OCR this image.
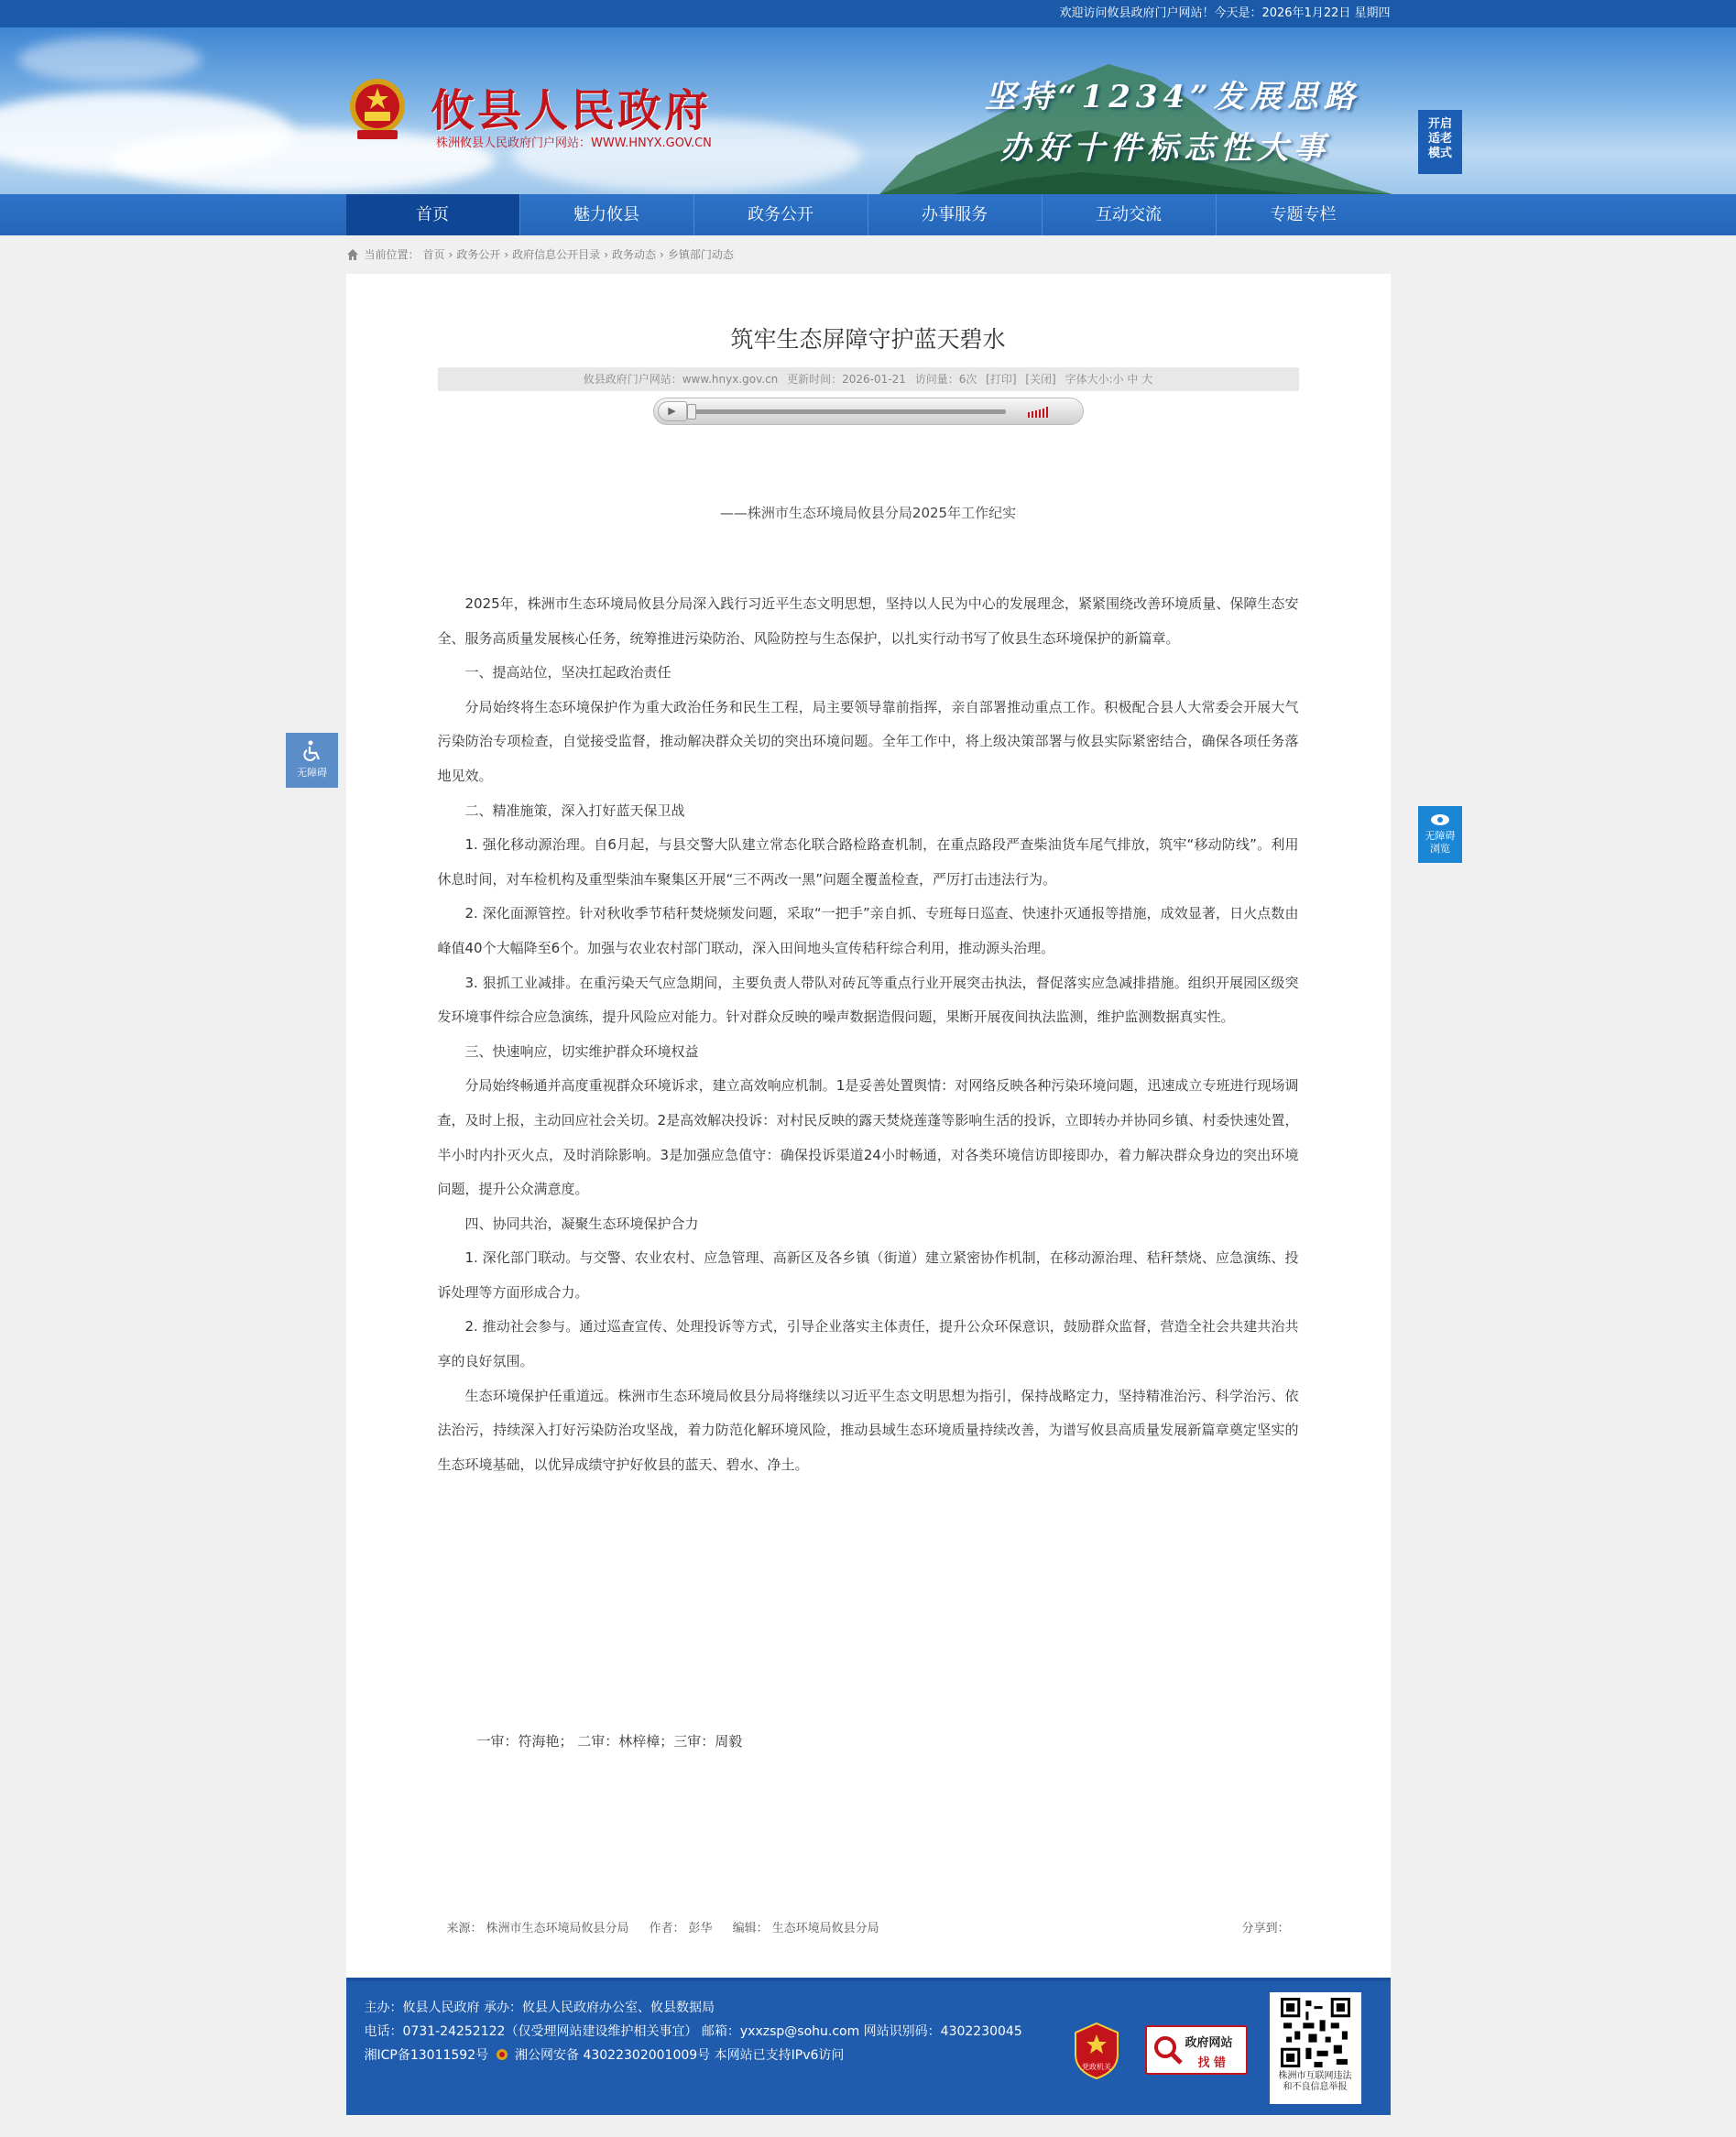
欢迎访问攸县政府门户网站！今天是：2026年1月22日 星期四
攸县人民政府
株洲攸县人民政府门户网站：WWW.HNYX.GOV.CN
坚持“1234”发展思路
办好十件标志性大事
开启适老模式
首页	魅力攸县	政务公开	办事服务	互动交流	专题专栏
当前位置： 首页 › 政务公开 › 政府信息公开目录 › 政务动态 › 乡镇部门动态
筑牢生态屏障守护蓝天碧水
攸县政府门户网站：www.hnyx.gov.cn 更新时间：2026-01-21 访问量：6次 [打印] [关闭] 字体大小:小 中 大
▶
——株洲市生态环境局攸县分局2025年工作纪实

2025年，株洲市生态环境局攸县分局深入践行习近平生态文明思想，坚持以人民为中心的发展理念，紧紧围绕改善环境质量、保障生态安全、服务高质量发展核心任务，统筹推进污染防治、风险防控与生态保护，以扎实行动书写了攸县生态环境保护的新篇章。

一、提高站位，坚决扛起政治责任

分局始终将生态环境保护作为重大政治任务和民生工程，局主要领导靠前指挥，亲自部署推动重点工作。积极配合县人大常委会开展大气污染防治专项检查，自觉接受监督，推动解决群众关切的突出环境问题。全年工作中，将上级决策部署与攸县实际紧密结合，确保各项任务落地见效。

二、精准施策，深入打好蓝天保卫战

1. 强化移动源治理。自6月起，与县交警大队建立常态化联合路检路查机制，在重点路段严查柴油货车尾气排放，筑牢“移动防线”。利用休息时间，对车检机构及重型柴油车聚集区开展“三不两改一黑”问题全覆盖检查，严厉打击违法行为。

2. 深化面源管控。针对秋收季节秸秆焚烧频发问题，采取“一把手”亲自抓、专班每日巡查、快速扑灭通报等措施，成效显著，日火点数由峰值40个大幅降至6个。加强与农业农村部门联动，深入田间地头宣传秸秆综合利用，推动源头治理。

3. 狠抓工业减排。在重污染天气应急期间，主要负责人带队对砖瓦等重点行业开展突击执法，督促落实应急减排措施。组织开展园区级突发环境事件综合应急演练，提升风险应对能力。针对群众反映的噪声数据造假问题，果断开展夜间执法监测，维护监测数据真实性。

三、快速响应，切实维护群众环境权益

分局始终畅通并高度重视群众环境诉求，建立高效响应机制。1是妥善处置舆情：对网络反映各种污染环境问题，迅速成立专班进行现场调查，及时上报，主动回应社会关切。2是高效解决投诉：对村民反映的露天焚烧莲蓬等影响生活的投诉，立即转办并协同乡镇、村委快速处置，半小时内扑灭火点，及时消除影响。3是加强应急值守：确保投诉渠道24小时畅通，对各类环境信访即接即办，着力解决群众身边的突出环境问题，提升公众满意度。

四、协同共治，凝聚生态环境保护合力

1. 深化部门联动。与交警、农业农村、应急管理、高新区及各乡镇（街道）建立紧密协作机制，在移动源治理、秸秆禁烧、应急演练、投诉处理等方面形成合力。

2. 推动社会参与。通过巡查宣传、处理投诉等方式，引导企业落实主体责任，提升公众环保意识，鼓励群众监督，营造全社会共建共治共享的良好氛围。

生态环境保护任重道远。株洲市生态环境局攸县分局将继续以习近平生态文明思想为指引，保持战略定力，坚持精准治污、科学治污、依法治污，持续深入打好污染防治攻坚战，着力防范化解环境风险，推动县域生态环境质量持续改善，为谱写攸县高质量发展新篇章奠定坚实的生态环境基础，以优异成绩守护好攸县的蓝天、碧水、净土。

一审：符海艳； 二审：林梓樟；三审：周毅
来源： 株洲市生态环境局攸县分局 作者： 彭华 编辑： 生态环境局攸县分局	分享到：
无障碍
无障碍
浏览
主办：攸县人民政府 承办：攸县人民政府办公室、攸县数据局
电话：0731-24252122（仅受理网站建设维护相关事宜） 邮箱：yxxzsp@sohu.com 网站识别码：4302230045
湘ICP备13011592号 湘公网安备 43022302001009号 本网站已支持IPv6访问
党政机关
政府网站
找 错
株洲市互联网违法
和不良信息举报
